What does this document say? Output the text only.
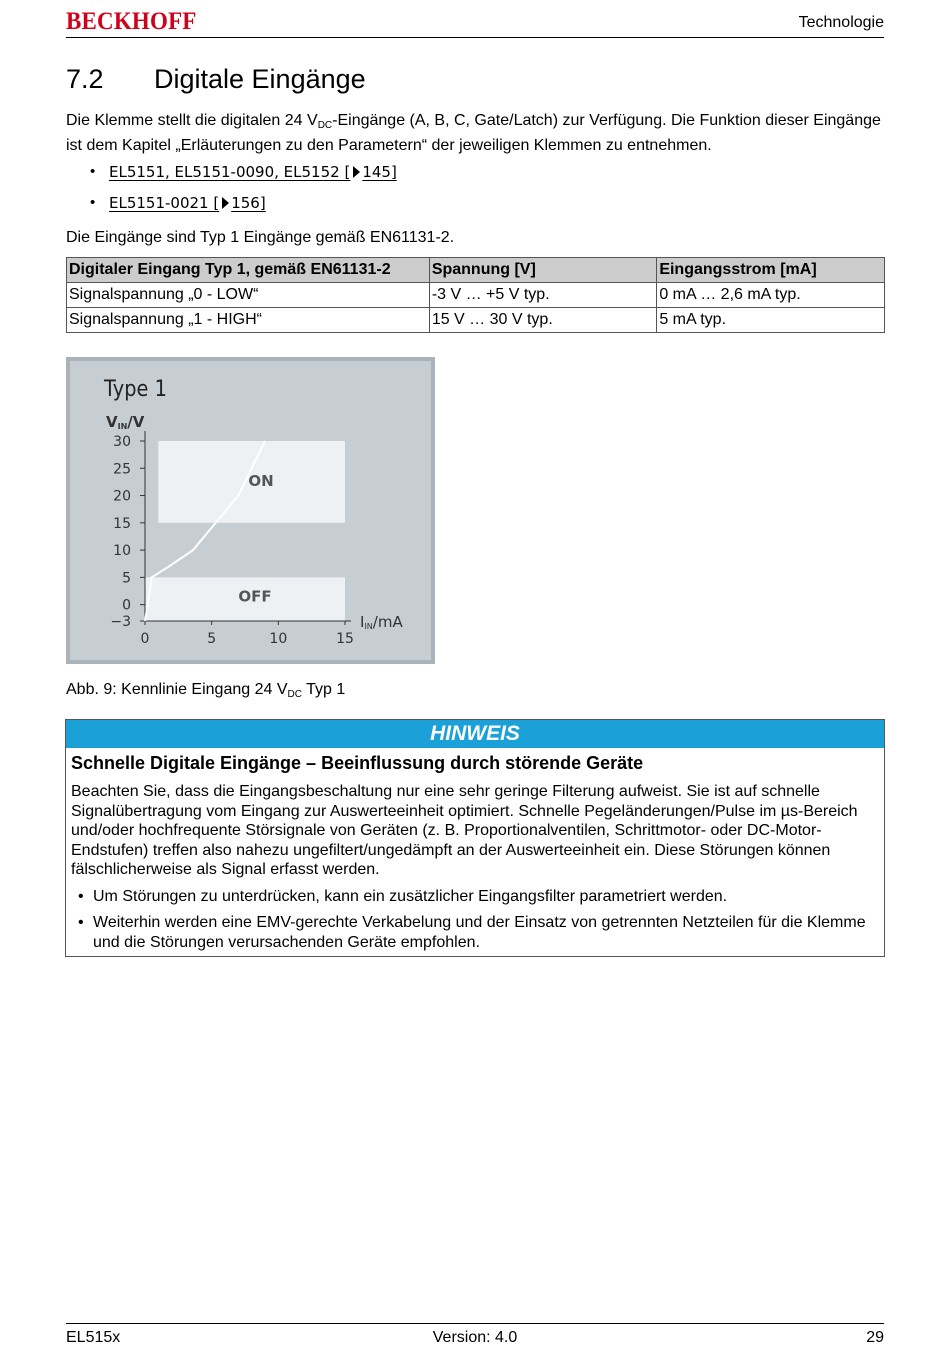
BECKHOFF	Technologie
7.2 Digitale Eingänge

Die Klemme stellt die digitalen 24 $V_{DC}$-Eingänge (A, B, C, Gate/Latch) zur Verfügung. Die Funktion dieser Eingänge ist dem Kapitel „Erläuterungen zu den Parametern“ der jeweiligen Klemmen zu entnehmen.

• EL5151, EL5151-0090, EL5152 [ 145]
• EL5151-0021 [ 156]

Die Eingänge sind Typ 1 Eingänge gemäß EN61131-2.

Digitaler Eingang Typ 1, gemäß EN61131-2	Spannung [V]	Eingangsstrom [mA]
Signalspannung „0 - LOW“	-3 V … +5 V typ.	0 mA … 2,6 mA typ.
Signalspannung „1 - HIGH“	15 V … 30 V typ.	5 mA typ.
Type 1
VIN/V
IIN/mA
30
25
20
15
10
5
0
−3
0	5	10	15
ON
OFF

Abb. 9: Kennlinie Eingang 24 $V_{DC}$ Typ 1

HINWEIS
Schnelle Digitale Eingänge – Beeinflussung durch störende Geräte

Beachten Sie, dass die Eingangsbeschaltung nur eine sehr geringe Filterung aufweist. Sie ist auf schnelle Signalübertragung vom Eingang zur Auswerteeinheit optimiert. Schnelle Pegeländerungen/Pulse im µs-Bereich und/oder hochfrequente Störsignale von Geräten (z. B. Proportionalventilen, Schrittmotor- oder DC-Motor-Endstufen) treffen also nahezu ungefiltert/ungedämpft an der Auswerteeinheit ein. Diese Störungen können fälschlicherweise als Signal erfasst werden.

• Um Störungen zu unterdrücken, kann ein zusätzlicher Eingangsfilter parametriert werden.
• Weiterhin werden eine EMV-gerechte Verkabelung und der Einsatz von getrennten Netzteilen für die Klemme und die Störungen verursachenden Geräte empfohlen.
EL515x	Version: 4.0	29
